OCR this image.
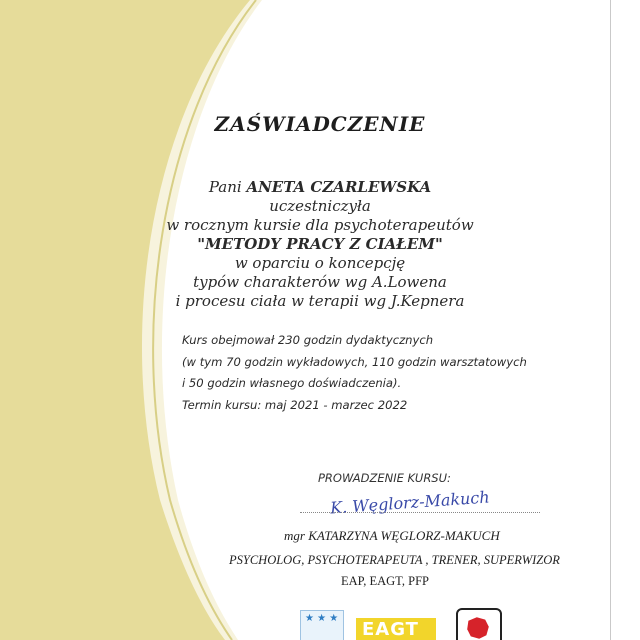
ZAŚWIADCZENIE
Pani ANETA CZARLEWSKA
uczestniczyła
w rocznym kursie dla psychoterapeutów
"METODY PRACY Z CIAŁEM"
w oparciu o koncepcję
typów charakterów wg A.Lowena
i procesu ciała w terapii wg J.Kepnera
Kurs obejmował 230 godzin dydaktycznych
(w tym 70 godzin wykładowych, 110 godzin warsztatowych
i 50 godzin własnego doświadczenia).
Termin kursu: maj 2021 - marzec 2022
PROWADZENIE KURSU:
K. Węglorz-Makuch
mgr KATARZYNA WĘGLORZ-MAKUCH
PSYCHOLOG, PSYCHOTERAPEUTA , TRENER, SUPERWIZOR
EAP, EAGT, PFP
★ ★ ★
EAGT
